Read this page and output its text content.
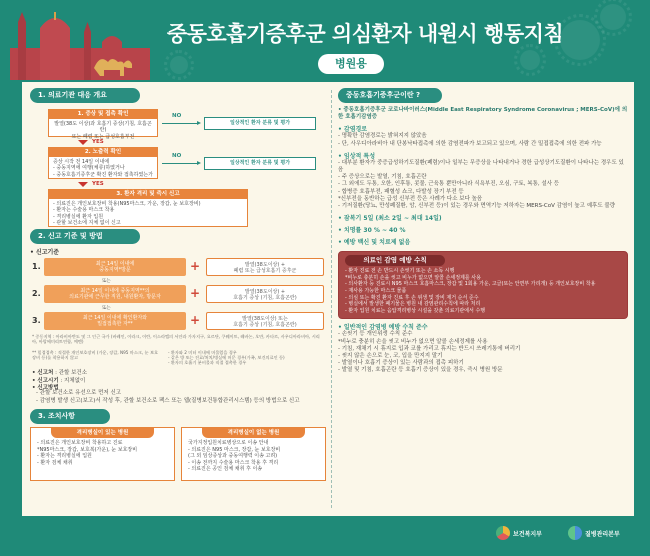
중동호흡기증후군 의심환자 내원시 행동지침
병원용
1. 의료기관 대응 개요
1. 증상 및 접촉 확인
발열(38도 이상)과 호흡기 증상(기침, 호흡곤란)
또는 폐렴 또는 급성호흡부전
NO
일상적인 환자 분류 및 평가
YES
2. 노출력 확인
증상 시작 전 14일 이내에
- 중동지역에 여행(체류)하였거나
- 중동호흡기증후군 확진 환자와 접촉하였는가
NO
일상적인 환자 분류 및 평가
YES
3. 환자 격리 및 즉시 신고
- 의료진은 개인보호장비 착용(N95마스크, 가운, 장갑, 눈 보호장비)
- 환자는 수술용 마스크 착용
- 격리병실에 환자 입원
- 관할 보건소에 지체 없이 신고
2. 신고 기준 및 방법
• 신고기준
1.	최근 14일 이내에
중동지역*방문	+	발열(38도이상) +
폐렴 또는 급성호흡기 증후군
또는
2.	최근 14일 이내에 중동지역**의
의료기관에 근무한 직원, 내원환자, 방문자	+	발열(38도이상) +
호흡기 증상 (기침, 호흡곤란)
또는
3.	최근 14일 이내에 확인환자와
밀접접촉한 자**	+	발열(38도이상) 또는
호흡기 증상 (기침, 호흡곤란)
* 중동지역 : 아라비아반도 및 그 인근 국가 (바레인, 이라크, 이란, 이스라엘의 서안과 가자지구, 요르단, 쿠웨이트, 레바논, 오만, 카타르, 사우디아라비아, 시리아, 아랍에미리트연합, 예멘)
** 밀접접촉 : 적절한 개인보호장비 (가운, 장갑, N95 마스크, 눈 보호장비 등)를 착용하지 않고
- 환자와 2 미터 이내에 머물렀을 경우
- 같은 방 또는 진료/처치/병실에 머문 경우(가족, 보건의료인 등)
- 환자의 호흡기 분비물과 직접 접촉한 경우
• 신고처 : 관할 보건소
• 신고시기 : 지체없이
• 신고방법
- 관할 보건소로 유선으로 먼저 신고
- 감염병 발생 신고(보고)서 작성 후, 관할 보건소로 팩스 또는 웹(질병보건통합관리시스템) 등의 방법으로 신고
3. 조치사항
격리병실이 있는 병원
- 의료진은 개인보호장비 착용하고 진료
*N95마스크, 장갑, 보호복(가운), 눈 보호장비
- 환자는 격리병실에 입원
- 환자 검체 채취
격리병실이 없는 병원
국가지정입원치료병상으로 이송 안내
- 의료진은 N95 마스크, 장갑, 눈 보호장비
(그 외 임상증상과 중동여행력 이송 고려)
- 이송 전까지 수술용 마스크 착용 후 격리
- 의료진은 공인 검체 채취 후 이송
중동호흡기증후군이란 ?
• 중동호흡기증후군 코로나바이러스(Middle East Respiratory Syndrome Coronavirus ; MERS-CoV)에 의한 호흡기감염증
• 감염경로
- 명확한 감염경로는 밝혀지지 않았음
- 단, 사우디아라비아 내 단봉낙타접촉에 의한 감염전파가 보고되고 있으며, 사람 간 밀접접촉에 의한 전파 가능
• 임상적 특성
- 대부분 환자가 중증급성하기도질환(폐렴)이나 일부는 무증상을 나타내거나 경한 급성상기도질환이 나타나는 경우도 있음
- 주 증상으로는 발열, 기침, 호흡곤란
- 그 외에도 두통, 오한, 인후통, 콧물, 근육통 뿐만아니라 식욕부진, 오심, 구토, 복통, 설사 등
- 합병증 호흡부전, 패혈성 쇼크, 다발성 장기 부전 등
*신부전을 동반하는 급성 신부전 등은 사례가 다소 보다 높음
- 기저질환(당뇨, 만성폐질환, 암, 신부전 등)이 있는 경우와 면역기능 저하자는 MERS-CoV 감염이 높고 예후도 불량
• 잠복기 5일 (최소 2일 ~ 최대 14일)
• 치명률 30 % ~ 40 %
• 예방 백신 및 치료제 없음
의료인 감염 예방 수칙
- 환자 진료 전 손 반드시 손씻기 또는 손 소독 시행
*비누로 충분히 손을 씻고 비누가 없으면 알콜 손세정제를 사용
- 의사환자 등 진료시 N95 마스크 호흡마스크, 장갑 및 1회용 가운, 고글(또는 안면부 가리개) 등 개인보호장비 착용
- 재사용 가능한 마스크 물품
- 의심 또는 확진 환자 진료 후 손 위생 및 장비 제거 순서 준수
- 병실에서 발생한 폐기물은 병원 내 감염관리수칙에 따라 처리
- 환자 입원 치료는 음압격리병상 시설을 갖춘 의료기관에서 수행
• 일반적인 감염병 예방 수칙 준수
- 손씻기 등 개인위생 수칙 준수
*비누로 충분히 손을 씻고 비누가 없으면 알콜 손세정제를 사용
- 기침, 재채기 시 휴지로 입과 코를 가리고 휴지는 반드시 쓰레기통에 버리기
- 씻지 않은 손으로 눈, 코, 입을 만지지 말기
- 발열이나 호흡기 증상이 있는 사람과의 접촉 피하기
- 발열 및 기침, 호흡곤란 등 호흡기 증상이 있을 경우, 즉시 병원 방문
보건복지부	질병관리본부
